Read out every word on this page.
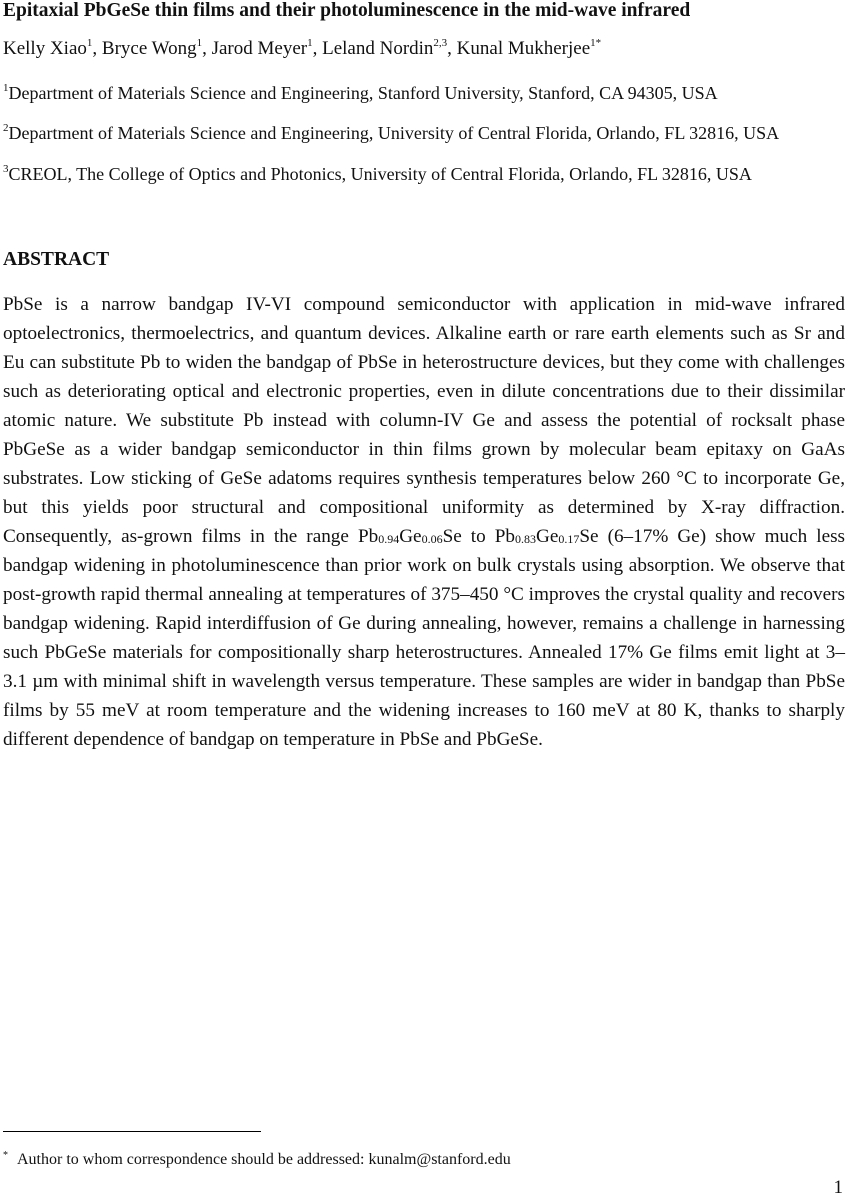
Epitaxial PbGeSe thin films and their photoluminescence in the mid-wave infrared
Kelly Xiao$^1$, Bryce Wong$^1$, Jarod Meyer$^1$, Leland Nordin$^{2,3}$, Kunal Mukherjee$^{1*}$
$^1$Department of Materials Science and Engineering, Stanford University, Stanford, CA 94305, USA
$^2$Department of Materials Science and Engineering, University of Central Florida, Orlando, FL 32816, USA
$^3$CREOL, The College of Optics and Photonics, University of Central Florida, Orlando, FL 32816, USA
ABSTRACT
PbSe is a narrow bandgap IV-VI compound semiconductor with application in mid-wave infrared optoelectronics, thermoelectrics, and quantum devices. Alkaline earth or rare earth elements such as Sr and Eu can substitute Pb to widen the bandgap of PbSe in heterostructure devices, but they come with challenges such as deteriorating optical and electronic properties, even in dilute concentrations due to their dissimilar atomic nature. We substitute Pb instead with column-IV Ge and assess the potential of rocksalt phase PbGeSe as a wider bandgap semiconductor in thin films grown by molecular beam epitaxy on GaAs substrates. Low sticking of GeSe adatoms requires synthesis temperatures below 260 °C to incorporate Ge, but this yields poor structural and compositional uniformity as determined by X-ray diffraction. Consequently, as-grown films in the range $Pb_{0.94}Ge_{0.06}Se$ to $Pb_{0.83}Ge_{0.17}Se$ (6–17% Ge) show much less bandgap widening in photoluminescence than prior work on bulk crystals using absorption. We observe that post-growth rapid thermal annealing at temperatures of 375–450 °C improves the crystal quality and recovers bandgap widening. Rapid interdiffusion of Ge during annealing, however, remains a challenge in harnessing such PbGeSe materials for compositionally sharp heterostructures. Annealed 17% Ge films emit light at 3–3.1 µm with minimal shift in wavelength versus temperature. These samples are wider in bandgap than PbSe films by 55 meV at room temperature and the widening increases to 160 meV at 80 K, thanks to sharply different dependence of bandgap on temperature in PbSe and PbGeSe.
* Author to whom correspondence should be addressed: kunalm@stanford.edu
1
